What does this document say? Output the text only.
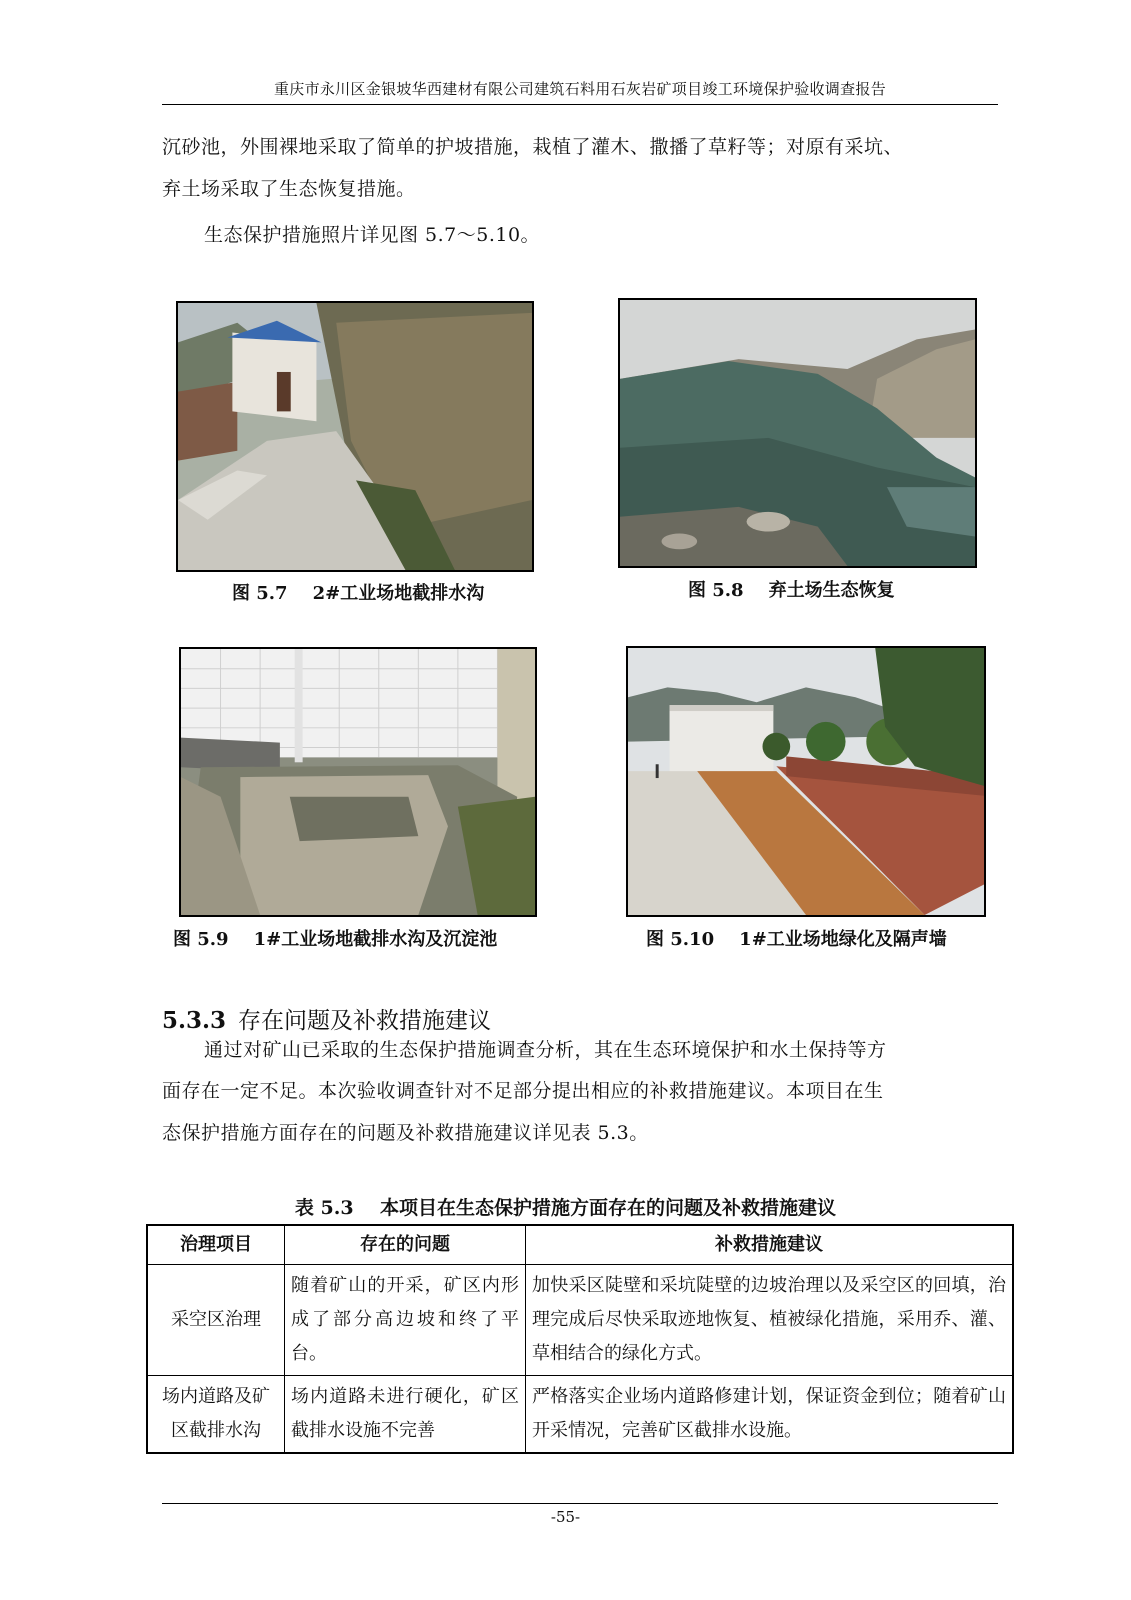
重庆市永川区金银坡华西建材有限公司建筑石料用石灰岩矿项目竣工环境保护验收调查报告

沉砂池，外围裸地采取了简单的护坡措施，栽植了灌木、撒播了草籽等；对原有采坑、

弃土场采取了生态恢复措施。

生态保护措施照片详见图 5.7～5.10。

图 5.7    2#工业场地截排水沟	图 5.8    弃土场生态恢复
图 5.9    1#工业场地截排水沟及沉淀池	图 5.10    1#工业场地绿化及隔声墙
5.3.3 存在问题及补救措施建议

通过对矿山已采取的生态保护措施调查分析，其在生态环境保护和水土保持等方

面存在一定不足。本次验收调查针对不足部分提出相应的补救措施建议。本项目在生

态保护措施方面存在的问题及补救措施建议详见表 5.3。

表 5.3    本项目在生态保护措施方面存在的问题及补救措施建议
治理项目	存在的问题	补救措施建议
采空区治理	随着矿山的开采，矿区内形成了部分高边坡和终了平台。	加快采区陡壁和采坑陡壁的边坡治理以及采空区的回填，治理完成后尽快采取迹地恢复、植被绿化措施，采用乔、灌、草相结合的绿化方式。
场内道路及矿区截排水沟	场内道路未进行硬化，矿区截排水设施不完善	严格落实企业场内道路修建计划，保证资金到位；随着矿山开采情况，完善矿区截排水设施。
-55-
